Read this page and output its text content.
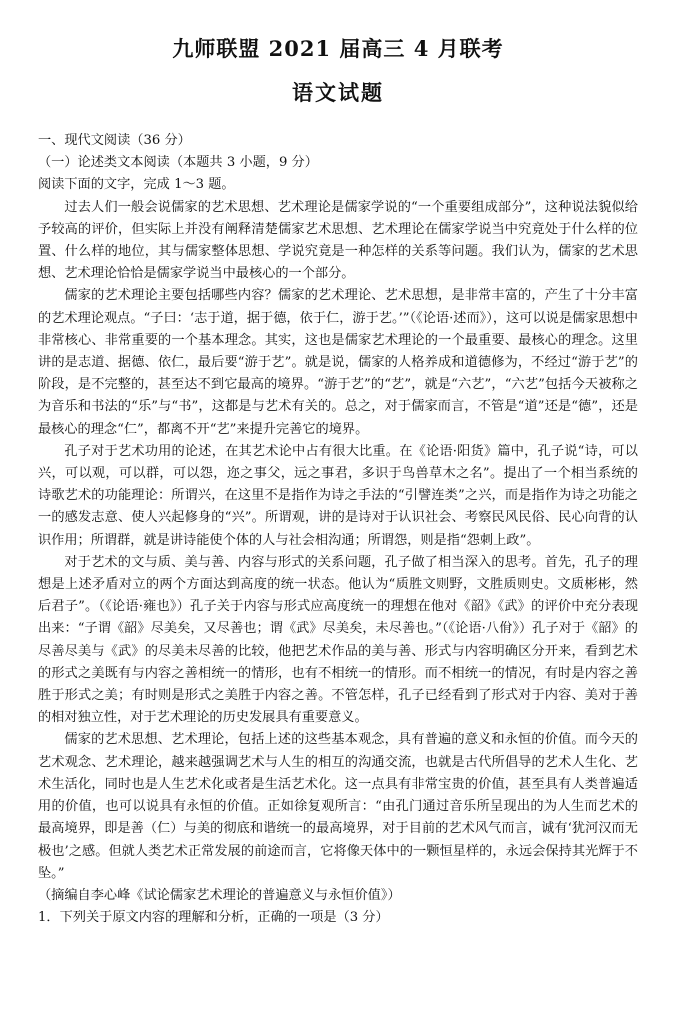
九师联盟 2021 届高三 4 月联考
语文试题

一、现代文阅读（36 分）

（一）论述类文本阅读（本题共 3 小题，9 分）

阅读下面的文字，完成 1～3 题。

过去人们一般会说儒家的艺术思想、艺术理论是儒家学说的“一个重要组成部分”，这种说法貌似给予较高的评价，但实际上并没有阐释清楚儒家艺术思想、艺术理论在儒家学说当中究竟处于什么样的位置、什么样的地位，其与儒家整体思想、学说究竟是一种怎样的关系等问题。我们认为，儒家的艺术思想、艺术理论恰恰是儒家学说当中最核心的一个部分。

儒家的艺术理论主要包括哪些内容？儒家的艺术理论、艺术思想，是非常丰富的，产生了十分丰富的艺术理论观点。“子曰：‘志于道，据于德，依于仁，游于艺。’”（《论语·述而》），这可以说是儒家思想中非常核心、非常重要的一个基本理念。其实，这也是儒家艺术理论的一个最重要、最核心的理念。这里讲的是志道、据德、依仁，最后要“游于艺”。就是说，儒家的人格养成和道德修为，不经过“游于艺”的阶段，是不完整的，甚至达不到它最高的境界。“游于艺”的“艺”，就是“六艺”，“六艺”包括今天被称之为音乐和书法的“乐”与“书”，这都是与艺术有关的。总之，对于儒家而言，不管是“道”还是“德”，还是最核心的理念“仁”，都离不开“艺”来提升完善它的境界。

孔子对于艺术功用的论述，在其艺术论中占有很大比重。在《论语·阳货》篇中，孔子说“诗，可以兴，可以观，可以群，可以怨，迩之事父，远之事君，多识于鸟兽草木之名”。提出了一个相当系统的诗歌艺术的功能理论：所谓兴，在这里不是指作为诗之手法的“引譬连类”之兴，而是指作为诗之功能之一的感发志意、使人兴起修身的“兴”。所谓观，讲的是诗对于认识社会、考察民风民俗、民心向背的认识作用；所谓群，就是讲诗能使个体的人与社会相沟通；所谓怨，则是指“怨刺上政”。

对于艺术的文与质、美与善、内容与形式的关系问题，孔子做了相当深入的思考。首先，孔子的理想是上述矛盾对立的两个方面达到高度的统一状态。他认为“质胜文则野，文胜质则史。文质彬彬，然后君子”。（《论语·雍也》）孔子关于内容与形式应高度统一的理想在他对《韶》《武》的评价中充分表现出来：“子谓《韶》尽美矣，又尽善也；谓《武》尽美矣，未尽善也。”（《论语·八佾》）孔子对于《韶》的尽善尽美与《武》的尽美未尽善的比较，他把艺术作品的美与善、形式与内容明确区分开来，看到艺术的形式之美既有与内容之善相统一的情形，也有不相统一的情形。而不相统一的情况，有时是内容之善胜于形式之美；有时则是形式之美胜于内容之善。不管怎样，孔子已经看到了形式对于内容、美对于善的相对独立性，对于艺术理论的历史发展具有重要意义。

儒家的艺术思想、艺术理论，包括上述的这些基本观念，具有普遍的意义和永恒的价值。而今天的艺术观念、艺术理论，越来越强调艺术与人生的相互的沟通交流，也就是古代所倡导的艺术人生化、艺术生活化，同时也是人生艺术化或者是生活艺术化。这一点具有非常宝贵的价值，甚至具有人类普遍适用的价值，也可以说具有永恒的价值。正如徐复观所言：“由孔门通过音乐所呈现出的为人生而艺术的最高境界，即是善（仁）与美的彻底和谐统一的最高境界，对于目前的艺术风气而言，诚有‘犹河汉而无极也’之感。但就人类艺术正常发展的前途而言，它将像天体中的一颗恒星样的，永远会保持其光辉于不坠。”

（摘编自李心峰《试论儒家艺术理论的普遍意义与永恒价值》）

1．下列关于原文内容的理解和分析，正确的一项是（3 分）
